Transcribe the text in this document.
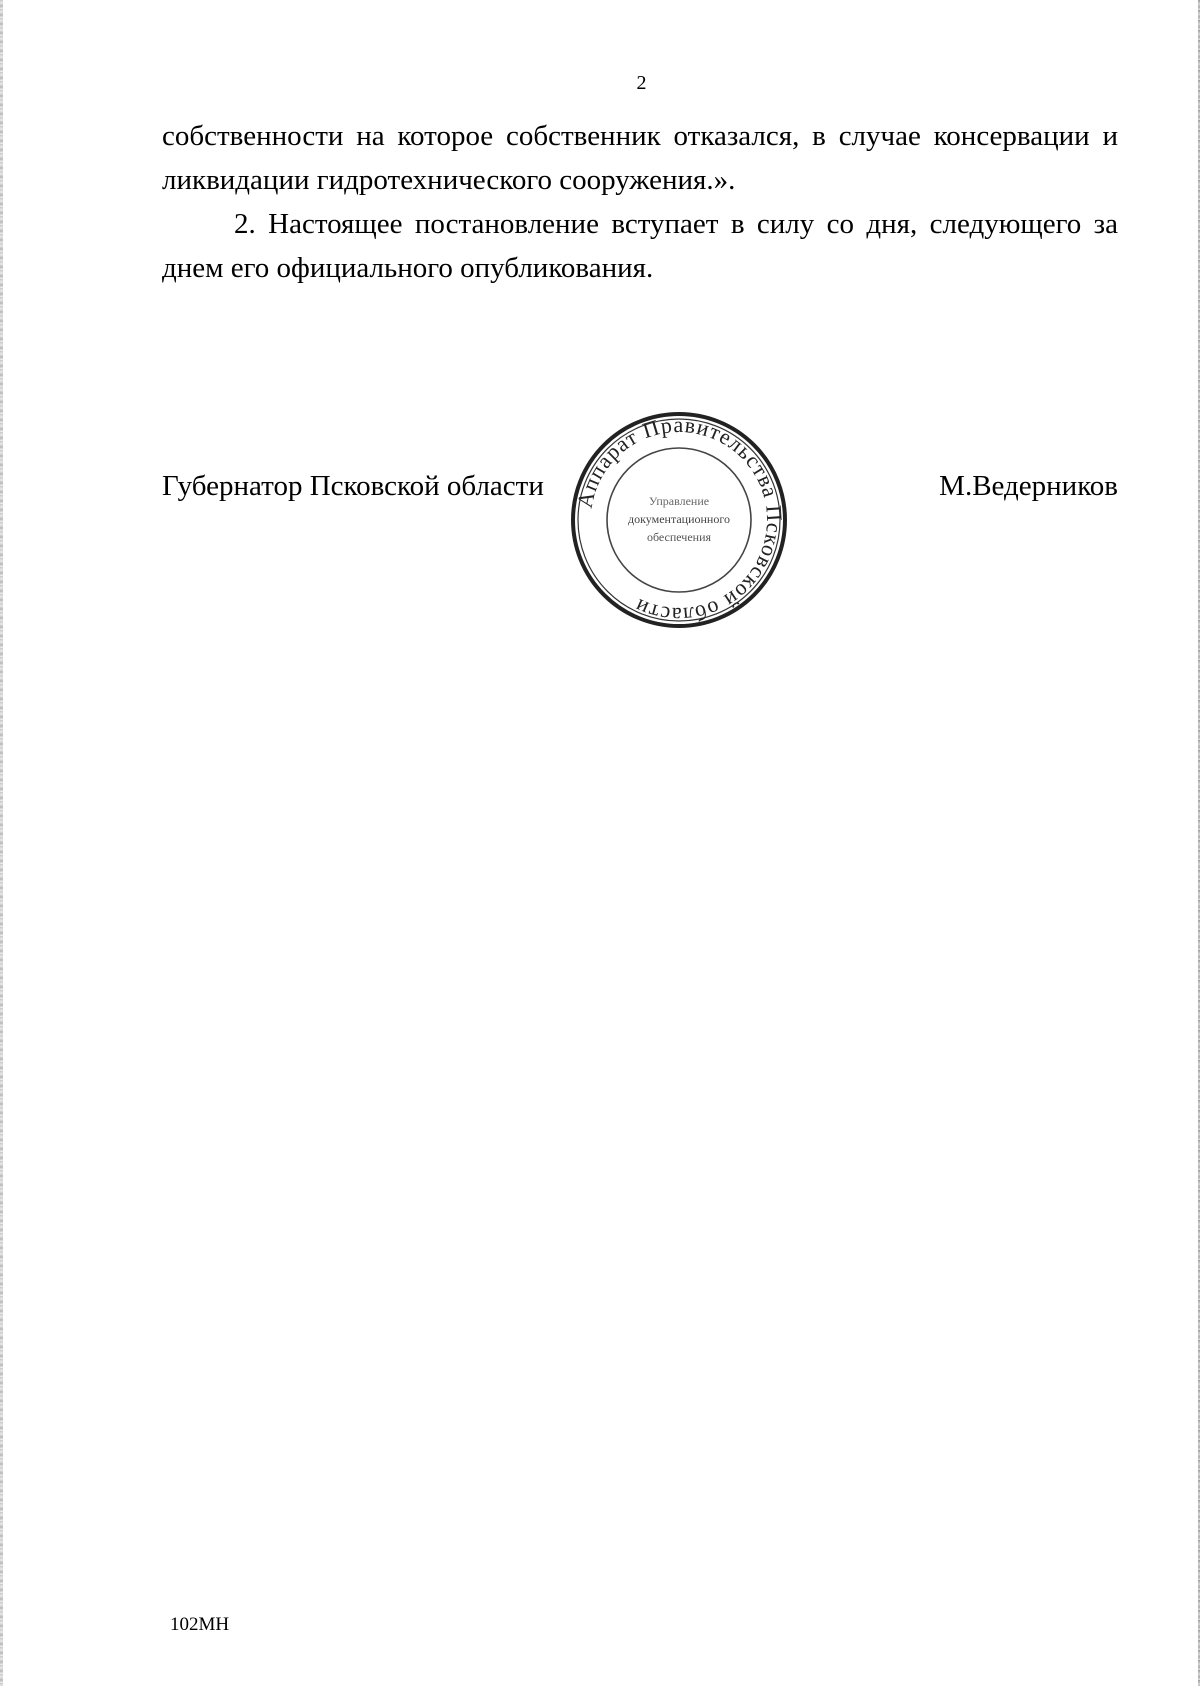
2

собственности на которое собственник отказался, в случае консервации и ликвидации гидротехнического сооружения.».

2. Настоящее постановление вступает в силу со дня, следующего за днем его официального опубликования.

Губернатор Псковской области	М.Ведерников
Аппарат Правительства Псковской области
Управление
документационного
обеспечения
102МН
